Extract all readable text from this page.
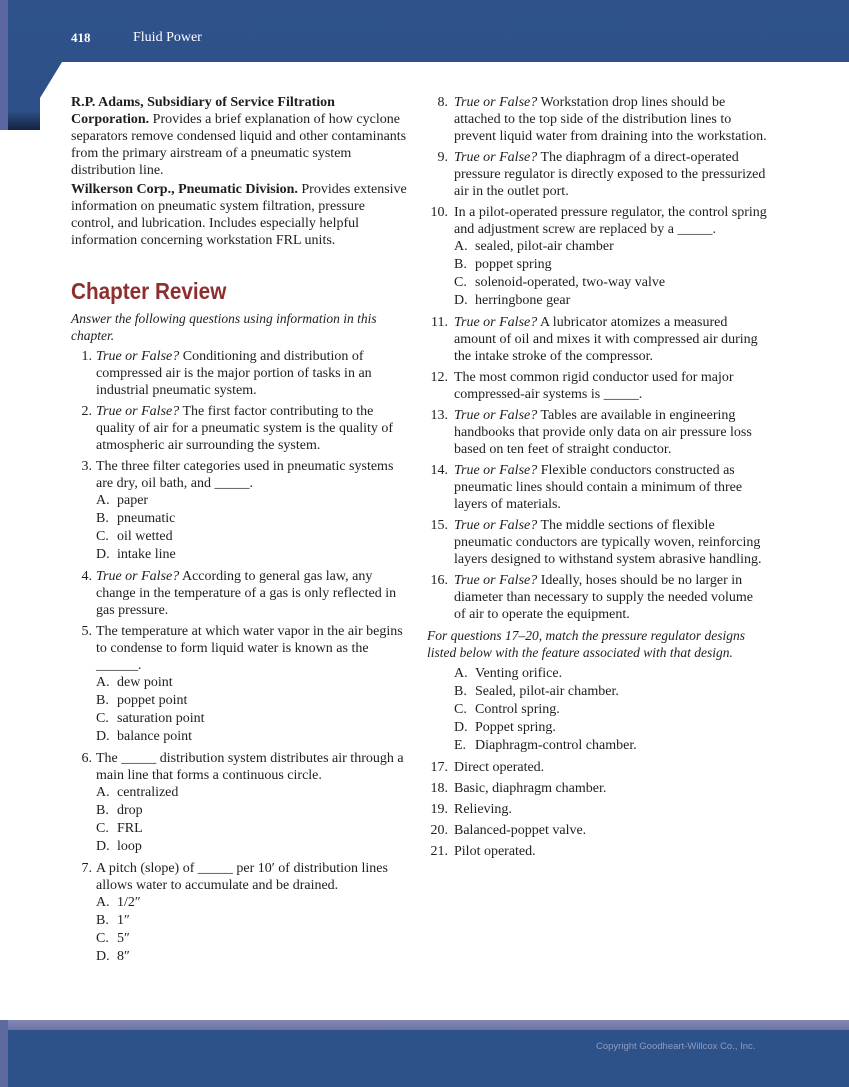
418	Fluid Power

R.P. Adams, Subsidiary of Service Filtration Corporation. Provides a brief explanation of how cyclone separators remove condensed liquid and other contaminants from the primary airstream of a pneumatic system distribution line.

Wilkerson Corp., Pneumatic Division. Provides extensive information on pneumatic system filtration, pressure control, and lubrication. Includes especially helpful information concerning workstation FRL units.

Chapter Review

Answer the following questions using information in this chapter.

1. True or False? Conditioning and distribution of compressed air is the major portion of tasks in an industrial pneumatic system.
2. True or False? The first factor contributing to the quality of air for a pneumatic system is the quality of atmospheric air surrounding the system.
3. The three filter categories used in pneumatic systems are dry, oil bath, and _____.
A. paper
B. pneumatic
C. oil wetted
D. intake line
4. True or False? According to general gas law, any change in the temperature of a gas is only reflected in gas pressure.
5. The temperature at which water vapor in the air begins to condense to form liquid water is known as the ______.
A. dew point
B. poppet point
C. saturation point
D. balance point
6. The _____ distribution system distributes air through a main line that forms a continuous circle.
A. centralized
B. drop
C. FRL
D. loop
7. A pitch (slope) of _____ per 10′ of distribution lines allows water to accumulate and be drained.
A. 1/2″
B. 1″
C. 5″
D. 8″
8. True or False? Workstation drop lines should be attached to the top side of the distribution lines to prevent liquid water from draining into the workstation.
9. True or False? The diaphragm of a direct-operated pressure regulator is directly exposed to the pressurized air in the outlet port.
10. In a pilot-operated pressure regulator, the control spring and adjustment screw are replaced by a _____.
A. sealed, pilot-air chamber
B. poppet spring
C. solenoid-operated, two-way valve
D. herringbone gear
11. True or False? A lubricator atomizes a measured amount of oil and mixes it with compressed air during the intake stroke of the compressor.
12. The most common rigid conductor used for major compressed-air systems is _____.
13. True or False? Tables are available in engineering handbooks that provide only data on air pressure loss based on ten feet of straight conductor.
14. True or False? Flexible conductors constructed as pneumatic lines should contain a minimum of three layers of materials.
15. True or False? The middle sections of flexible pneumatic conductors are typically woven, reinforcing layers designed to withstand system abrasive handling.
16. True or False? Ideally, hoses should be no larger in diameter than necessary to supply the needed volume of air to operate the equipment.

For questions 17–20, match the pressure regulator designs listed below with the feature associated with that design.

A. Venting orifice.
B. Sealed, pilot-air chamber.
C. Control spring.
D. Poppet spring.
E. Diaphragm-control chamber.
17. Direct operated.
18. Basic, diaphragm chamber.
19. Relieving.
20. Balanced-poppet valve.
21. Pilot operated.
Copyright Goodheart-Willcox Co., Inc.
